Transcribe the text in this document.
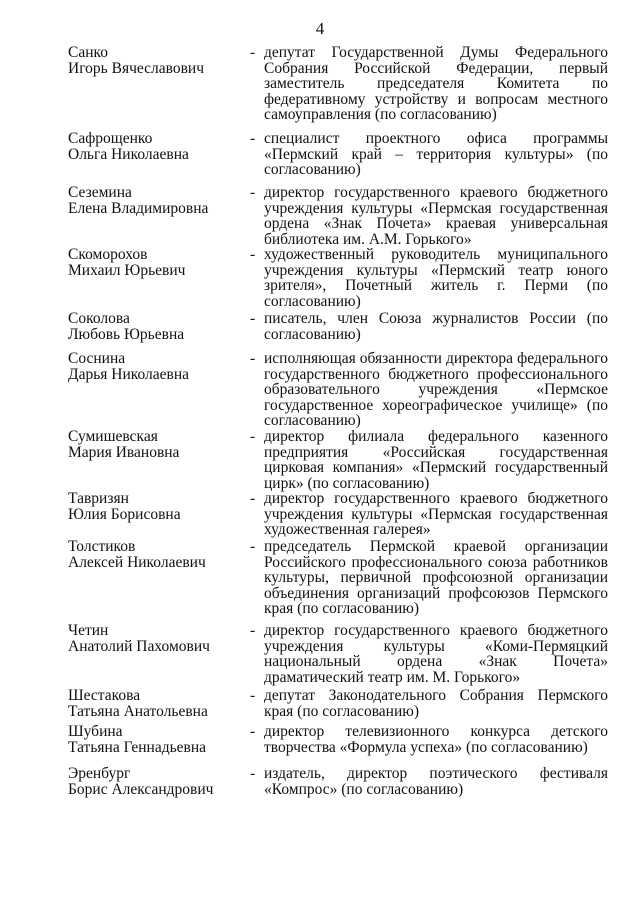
4
Санко
Игорь Вячеславович
- депутат Государственной Думы Федерального Собрания Российской Федерации, первый заместитель председателя Комитета по федеративному устройству и вопросам местного самоуправления (по согласованию)
Сафрощенко
Ольга Николаевна
- специалист проектного офиса программы «Пермский край – территория культуры» (по согласованию)
Сеземина
Елена Владимировна
- директор государственного краевого бюджетного учреждения культуры «Пермская государственная ордена «Знак Почета» краевая универсальная библиотека им. А.М. Горького»
Скоморохов
Михаил Юрьевич
- художественный руководитель муниципального учреждения культуры «Пермский театр юного зрителя», Почетный житель г. Перми (по согласованию)
Соколова
Любовь Юрьевна
- писатель, член Союза журналистов России (по согласованию)
Соснина
Дарья Николаевна
- исполняющая обязанности директора федерального государственного бюджетного профессионального образовательного учреждения «Пермское государственное хореографическое училище» (по согласованию)
Сумишевская
Мария Ивановна
- директор филиала федерального казенного предприятия «Российская государственная цирковая компания» «Пермский государственный цирк» (по согласованию)
Тавризян
Юлия Борисовна
- директор государственного краевого бюджетного учреждения культуры «Пермская государственная художественная галерея»
Толстиков
Алексей Николаевич
- председатель Пермской краевой организации Российского профессионального союза работников культуры, первичной профсоюзной организации объединения организаций профсоюзов Пермского края (по согласованию)
Четин
Анатолий Пахомович
- директор государственного краевого бюджетного учреждения культуры «Коми-Пермяцкий национальный ордена «Знак Почета» драматический театр им. М. Горького»
Шестакова
Татьяна Анатольевна
- депутат Законодательного Собрания Пермского края (по согласованию)
Шубина
Татьяна Геннадьевна
- директор телевизионного конкурса детского творчества «Формула успеха» (по согласованию)
Эренбург
Борис Александрович
- издатель, директор поэтического фестиваля «Компрос» (по согласованию)
